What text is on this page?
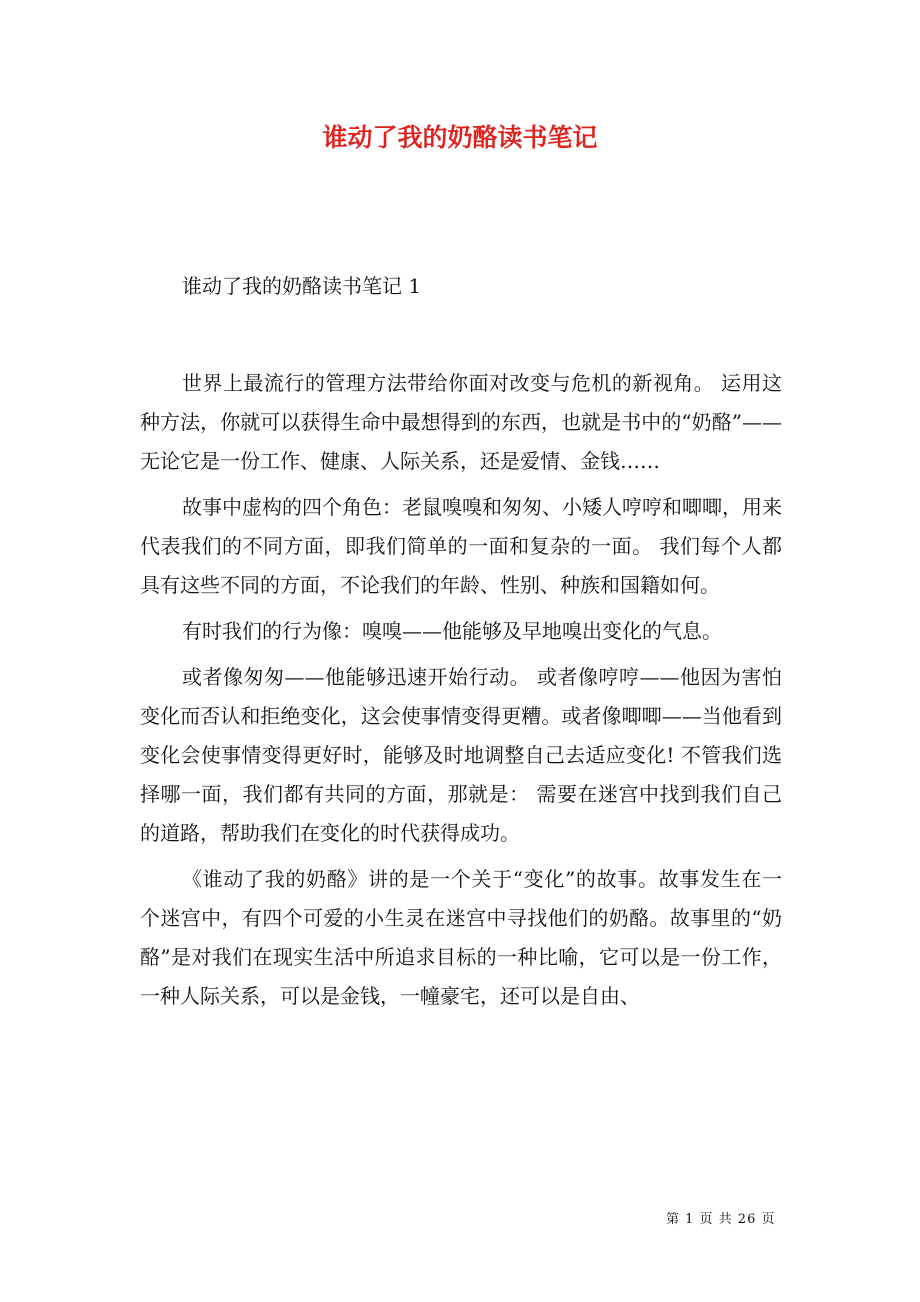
谁动了我的奶酪读书笔记

谁动了我的奶酪读书笔记 1

世界上最流行的管理方法带给你面对改变与危机的新视角。 运用这种方法，你就可以获得生命中最想得到的东西，也就是书中的“奶酪”——无论它是一份工作、健康、人际关系，还是爱情、金钱……

故事中虚构的四个角色：老鼠嗅嗅和匆匆、小矮人哼哼和唧唧，用来代表我们的不同方面，即我们简单的一面和复杂的一面。 我们每个人都具有这些不同的方面，不论我们的年龄、性别、种族和国籍如何。

有时我们的行为像：嗅嗅——他能够及早地嗅出变化的气息。

或者像匆匆——他能够迅速开始行动。 或者像哼哼——他因为害怕变化而否认和拒绝变化，这会使事情变得更糟。或者像唧唧——当他看到变化会使事情变得更好时，能够及时地调整自己去适应变化! 不管我们选择哪一面，我们都有共同的方面，那就是： 需要在迷宫中找到我们自己的道路，帮助我们在变化的时代获得成功。

《谁动了我的奶酪》讲的是一个关于“变化”的故事。故事发生在一个迷宫中，有四个可爱的小生灵在迷宫中寻找他们的奶酪。故事里的“奶酪”是对我们在现实生活中所追求目标的一种比喻，它可以是一份工作，一种人际关系，可以是金钱，一幢豪宅，还可以是自由、

第 1 页 共 26 页
